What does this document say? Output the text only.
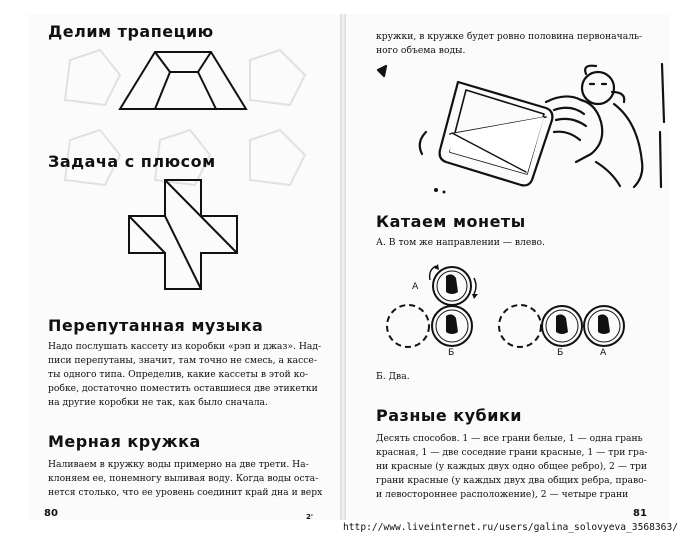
Делим трапецию
Задача с плюсом
Перепутанная музыка
Надо послушать кассету из коробки «рэп и джаз». Над-
писи перепутаны, значит, там точно не смесь, а кассе-
ты одного типа. Определив, какие кассеты в этой ко-
робке, достаточно поместить оставшиеся две этикетки
на другие коробки не так, как было сначала.
Мерная кружка
Наливаем в кружку воды примерно на две трети. На-
клоняем ее, понемногу выливая воду. Когда воды оста-
нется столько, что ее уровень соединит край дна и верх
80	2'
кружки, в кружке будет ровно половина первоначаль-
ного объема воды.
Катаем монеты
А. В том же направлении — влево.
А
Б	Б	А
Б. Два.
Разные кубики
Десять способов. 1 — все грани белые, 1 — одна грань
красная, 1 — две соседние грани красные, 1 — три гра-
ни красные (у каждых двух одно общее ребро), 2 — три
грани красные (у каждых двух два общих ребра, право-
и левостороннее расположение), 2 — четыре грани
81
http://www.liveinternet.ru/users/galina_solovyeva_3568363/
